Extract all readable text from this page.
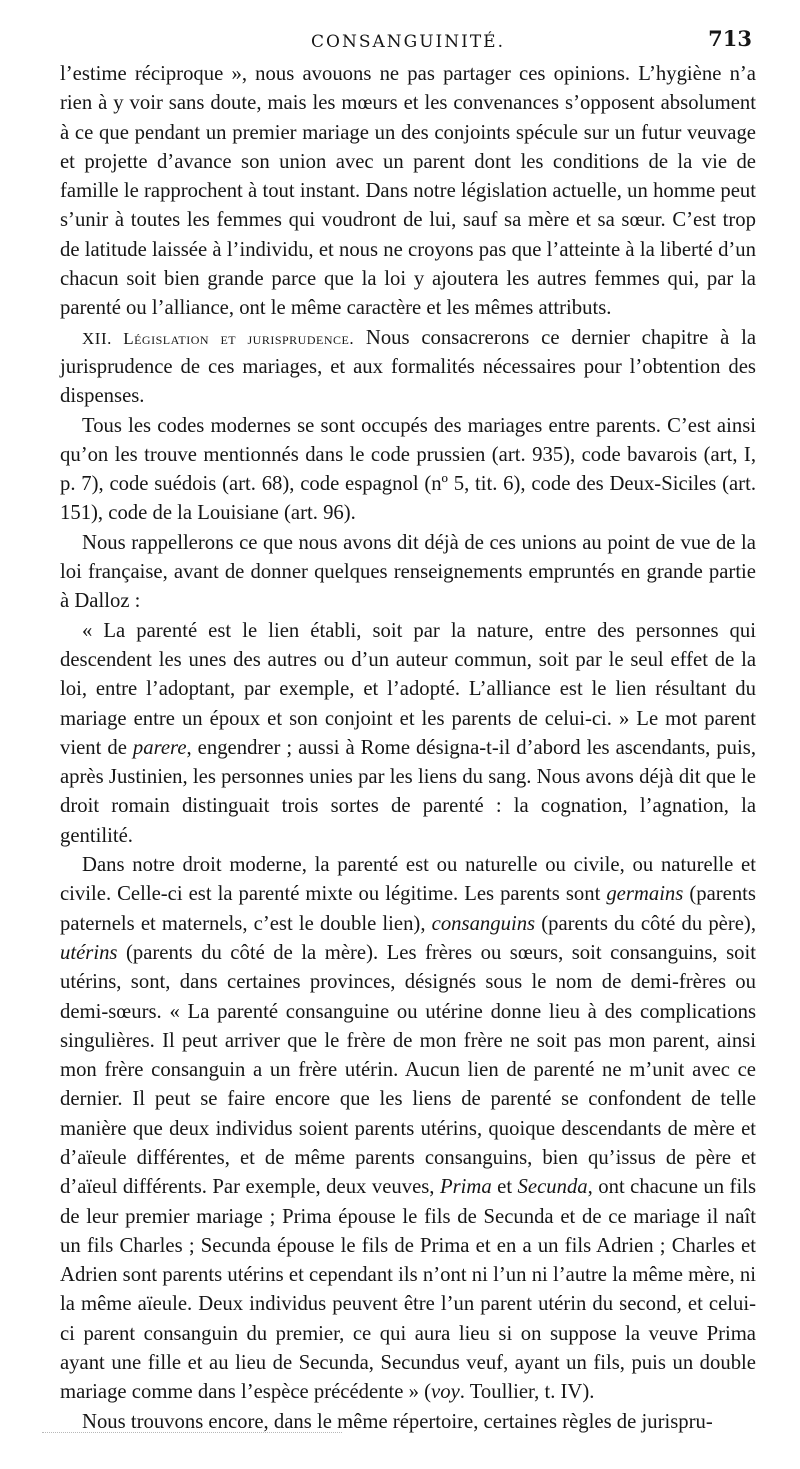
CONSANGUINITÉ.	713

l’estime réciproque », nous avouons ne pas partager ces opinions. L’hygiène n’a rien à y voir sans doute, mais les mœurs et les convenances s’opposent absolument à ce que pendant un premier mariage un des conjoints spécule sur un futur veuvage et projette d’avance son union avec un parent dont les conditions de la vie de famille le rapprochent à tout instant. Dans notre législation actuelle, un homme peut s’unir à toutes les femmes qui voudront de lui, sauf sa mère et sa sœur. C’est trop de latitude laissée à l’individu, et nous ne croyons pas que l’atteinte à la liberté d’un chacun soit bien grande parce que la loi y ajoutera les autres femmes qui, par la parenté ou l’alliance, ont le même caractère et les mêmes attributs.

XII. Législation et jurisprudence. Nous consacrerons ce dernier chapitre à la jurisprudence de ces mariages, et aux formalités nécessaires pour l’obtention des dispenses.

Tous les codes modernes se sont occupés des mariages entre parents. C’est ainsi qu’on les trouve mentionnés dans le code prussien (art. 935), code bavarois (art, I, p. 7), code suédois (art. 68), code espagnol (nº 5, tit. 6), code des Deux-Siciles (art. 151), code de la Louisiane (art. 96).

Nous rappellerons ce que nous avons dit déjà de ces unions au point de vue de la loi française, avant de donner quelques renseignements empruntés en grande partie à Dalloz :

« La parenté est le lien établi, soit par la nature, entre des personnes qui descendent les unes des autres ou d’un auteur commun, soit par le seul effet de la loi, entre l’adoptant, par exemple, et l’adopté. L’alliance est le lien résultant du mariage entre un époux et son conjoint et les parents de celui-ci. » Le mot parent vient de parere, engendrer ; aussi à Rome désigna-t-il d’abord les ascendants, puis, après Justinien, les personnes unies par les liens du sang. Nous avons déjà dit que le droit romain distinguait trois sortes de parenté : la cognation, l’agnation, la gentilité.

Dans notre droit moderne, la parenté est ou naturelle ou civile, ou naturelle et civile. Celle-ci est la parenté mixte ou légitime. Les parents sont germains (parents paternels et maternels, c’est le double lien), consanguins (parents du côté du père), utérins (parents du côté de la mère). Les frères ou sœurs, soit consanguins, soit utérins, sont, dans certaines provinces, désignés sous le nom de demi-frères ou demi-sœurs. « La parenté consanguine ou utérine donne lieu à des complications singulières. Il peut arriver que le frère de mon frère ne soit pas mon parent, ainsi mon frère consanguin a un frère utérin. Aucun lien de parenté ne m’unit avec ce dernier. Il peut se faire encore que les liens de parenté se confondent de telle manière que deux individus soient parents utérins, quoique descendants de mère et d’aïeule différentes, et de même parents consanguins, bien qu’issus de père et d’aïeul différents. Par exemple, deux veuves, Prima et Secunda, ont chacune un fils de leur premier mariage ; Prima épouse le fils de Secunda et de ce mariage il naît un fils Charles ; Secunda épouse le fils de Prima et en a un fils Adrien ; Charles et Adrien sont parents utérins et cependant ils n’ont ni l’un ni l’autre la même mère, ni la même aïeule. Deux individus peuvent être l’un parent utérin du second, et celui-ci parent consanguin du premier, ce qui aura lieu si on suppose la veuve Prima ayant une fille et au lieu de Secunda, Secundus veuf, ayant un fils, puis un double mariage comme dans l’espèce précédente » (voy. Toullier, t. IV).

Nous trouvons encore, dans le même répertoire, certaines règles de jurispru-
